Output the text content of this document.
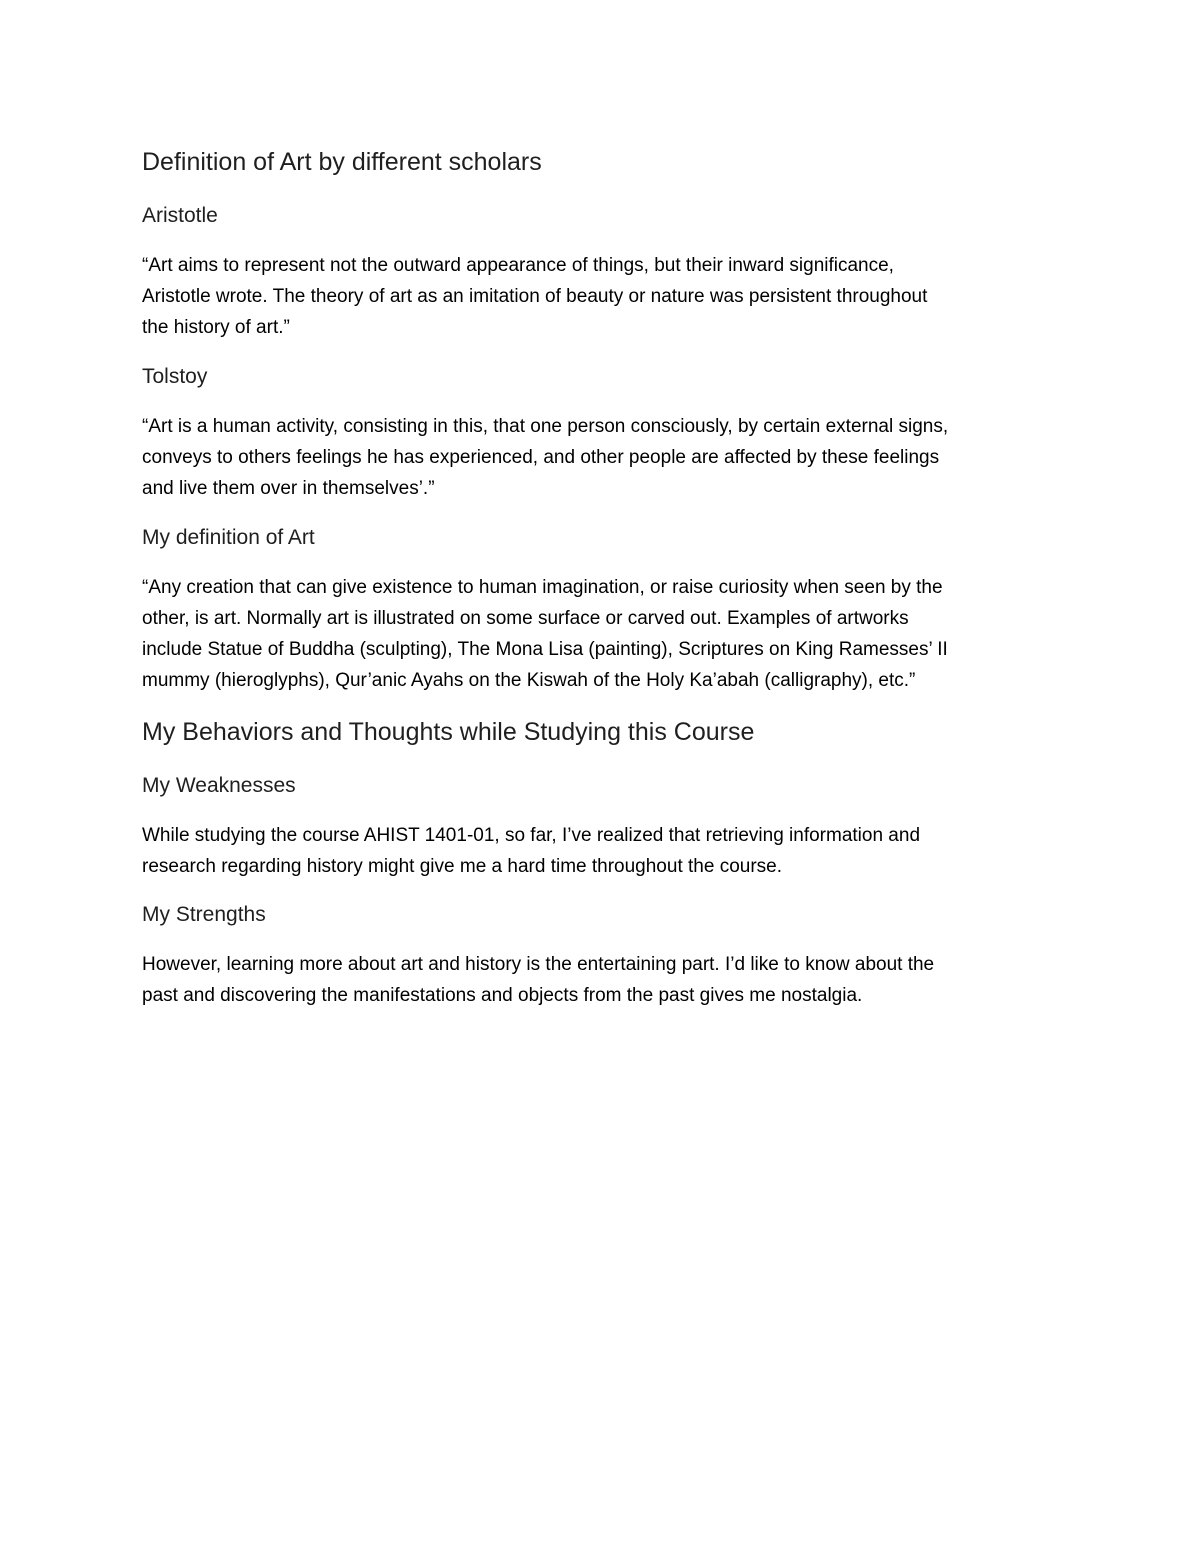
Definition of Art by different scholars
Aristotle

“Art aims to represent not the outward appearance of things, but their inward significance,
Aristotle wrote. The theory of art as an imitation of beauty or nature was persistent throughout
the history of art.”

Tolstoy

“Art is a human activity, consisting in this, that one person consciously, by certain external signs,
conveys to others feelings he has experienced, and other people are affected by these feelings
and live them over in themselves’.”

My definition of Art

“Any creation that can give existence to human imagination, or raise curiosity when seen by the
other, is art. Normally art is illustrated on some surface or carved out. Examples of artworks
include Statue of Buddha (sculpting), The Mona Lisa (painting), Scriptures on King Ramesses’ II
mummy (hieroglyphs), Qur’anic Ayahs on the Kiswah of the Holy Ka’abah (calligraphy), etc.”

My Behaviors and Thoughts while Studying this Course
My Weaknesses

While studying the course AHIST 1401-01, so far, I’ve realized that retrieving information and
research regarding history might give me a hard time throughout the course.

My Strengths

However, learning more about art and history is the entertaining part. I’d like to know about the
past and discovering the manifestations and objects from the past gives me nostalgia.
